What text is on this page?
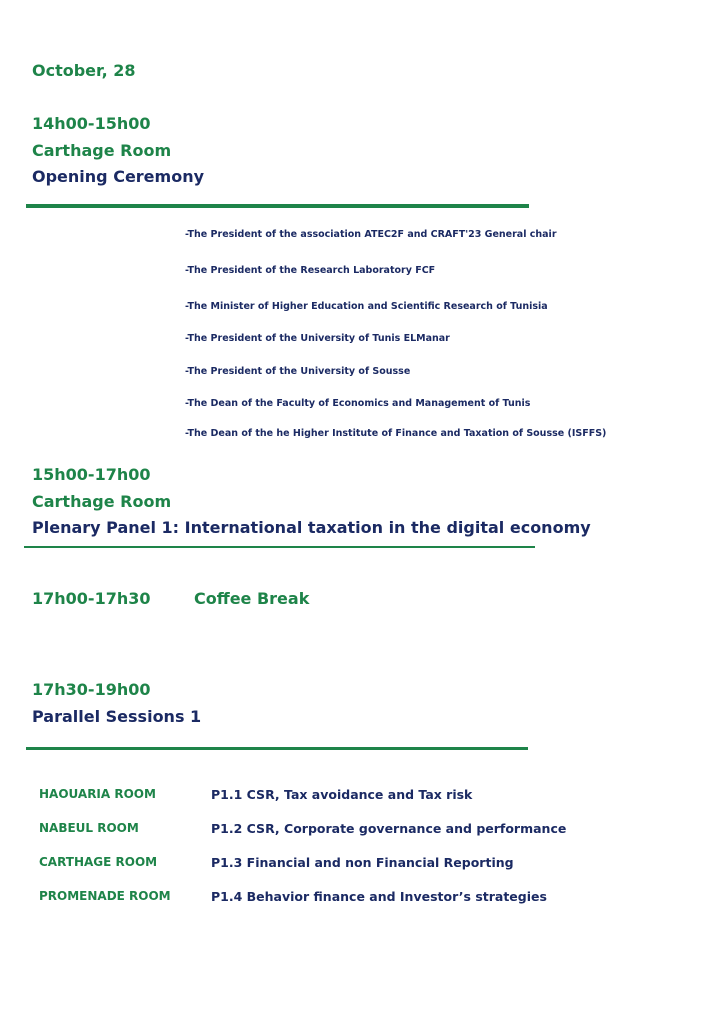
October, 28
14h00-15h00
Carthage Room
Opening Ceremony
-The President of the association ATEC2F and CRAFT'23 General chair
-The President of the Research Laboratory FCF
-The Minister of Higher Education and Scientific Research of Tunisia
-The President of the University of Tunis ELManar
-The President of the University of Sousse
-The Dean of the Faculty of Economics and Management of Tunis
-The Dean of the he Higher Institute of Finance and Taxation of Sousse (ISFFS)
15h00-17h00
Carthage Room
Plenary Panel 1: International taxation in the digital economy
17h00-17h30	Coffee Break
17h30-19h00
Parallel Sessions 1
HAOUARIA ROOM	P1.1 CSR, Tax avoidance and Tax risk
NABEUL ROOM	P1.2 CSR, Corporate governance and performance
CARTHAGE ROOM	P1.3 Financial and non Financial Reporting
PROMENADE ROOM	P1.4 Behavior finance and Investor’s strategies
